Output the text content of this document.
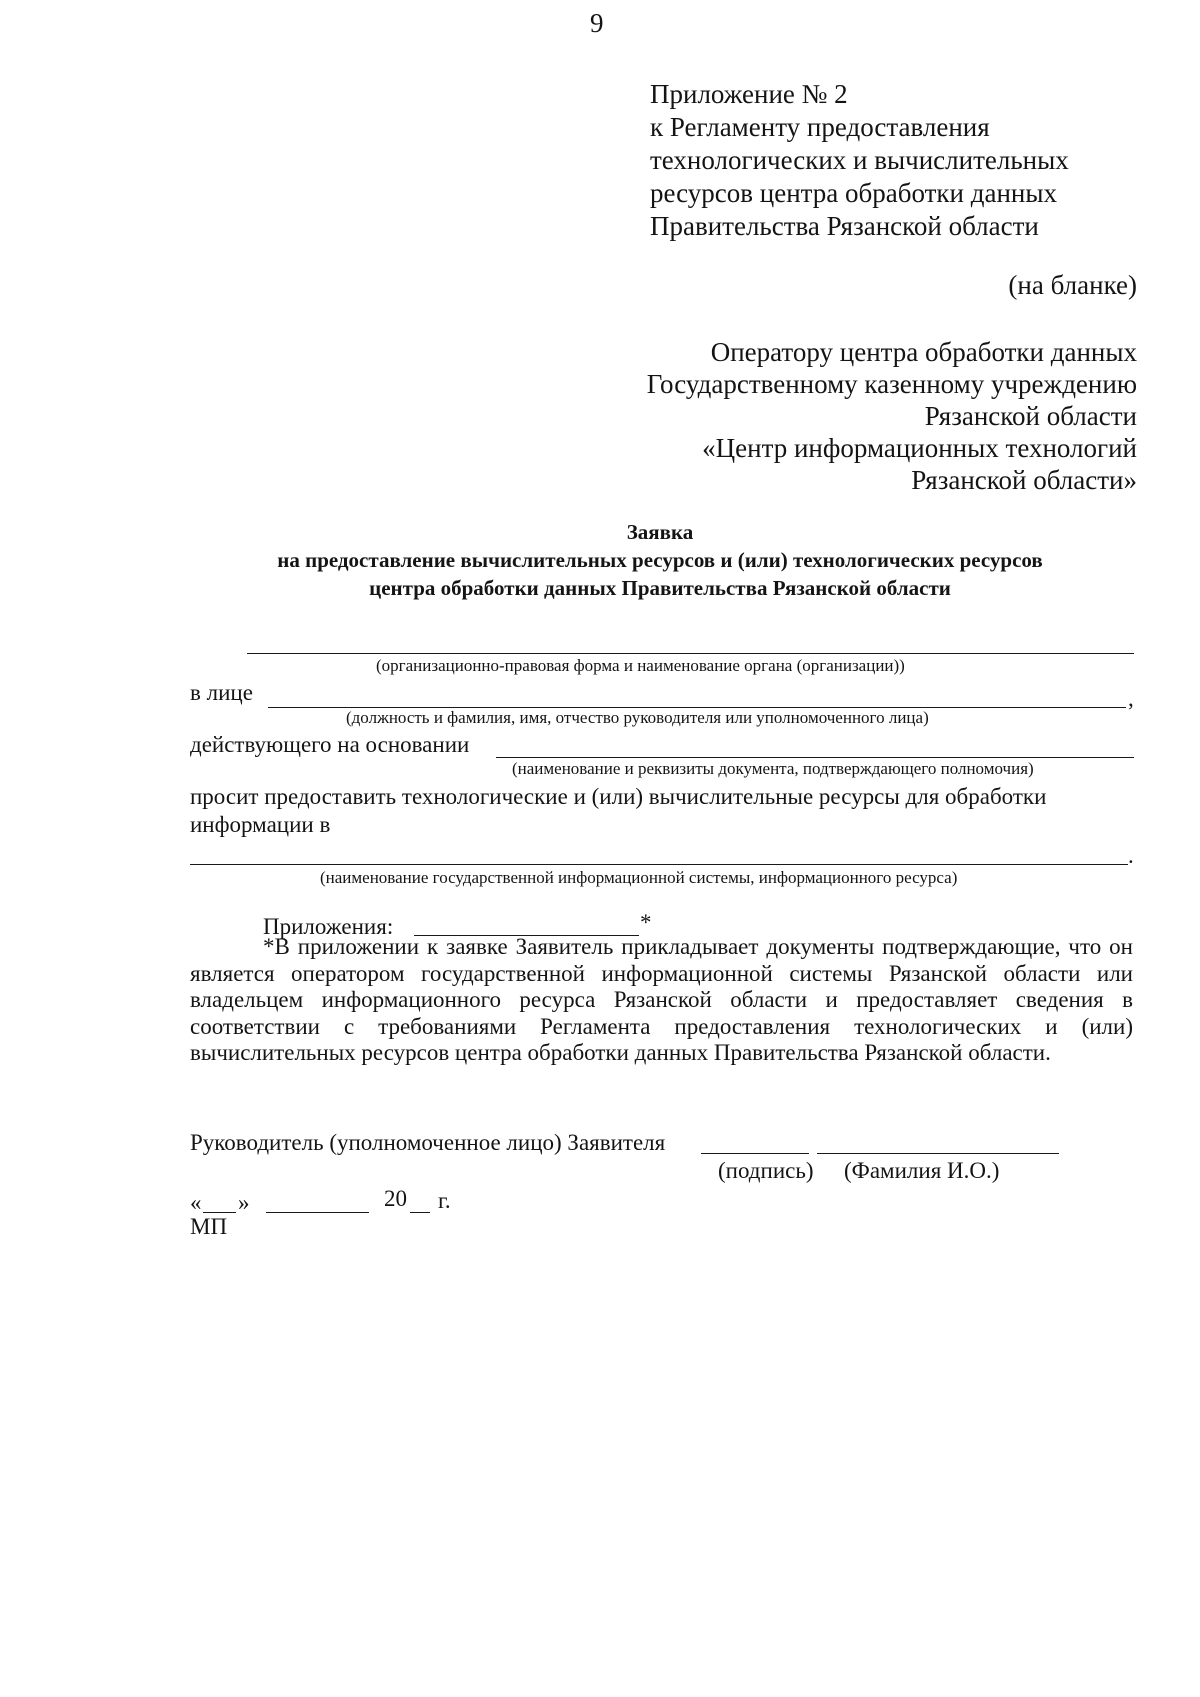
9
Приложение № 2
к Регламенту предоставления
технологических и вычислительных
ресурсов центра обработки данных
Правительства Рязанской области
(на бланке)
Оператору центра обработки данных
Государственному казенному учреждению
Рязанской области
«Центр информационных технологий
Рязанской области»
Заявка
на предоставление вычислительных ресурсов и (или) технологических ресурсов
центра обработки данных Правительства Рязанской области
(организационно-правовая форма и наименование органа (организации))
в лице	,
(должность и фамилия, имя, отчество руководителя или уполномоченного лица)
действующего на основании
(наименование и реквизиты документа, подтверждающего полномочия)
просит предоставить технологические и (или) вычислительные ресурсы для обработки
информации в
.
(наименование государственной информационной системы, информационного ресурса)
Приложения:	*
*В приложении к заявке Заявитель прикладывает документы подтверждающие, что он является оператором государственной информационной системы Рязанской области или владельцем информационного ресурса Рязанской области и предоставляет сведения в соответствии с требованиями Регламента предоставления технологических и (или) вычислительных ресурсов центра обработки данных Правительства Рязанской области.
Руководитель (уполномоченное лицо) Заявителя
(подпись) (Фамилия И.О.)
« »	20 г.
МП
